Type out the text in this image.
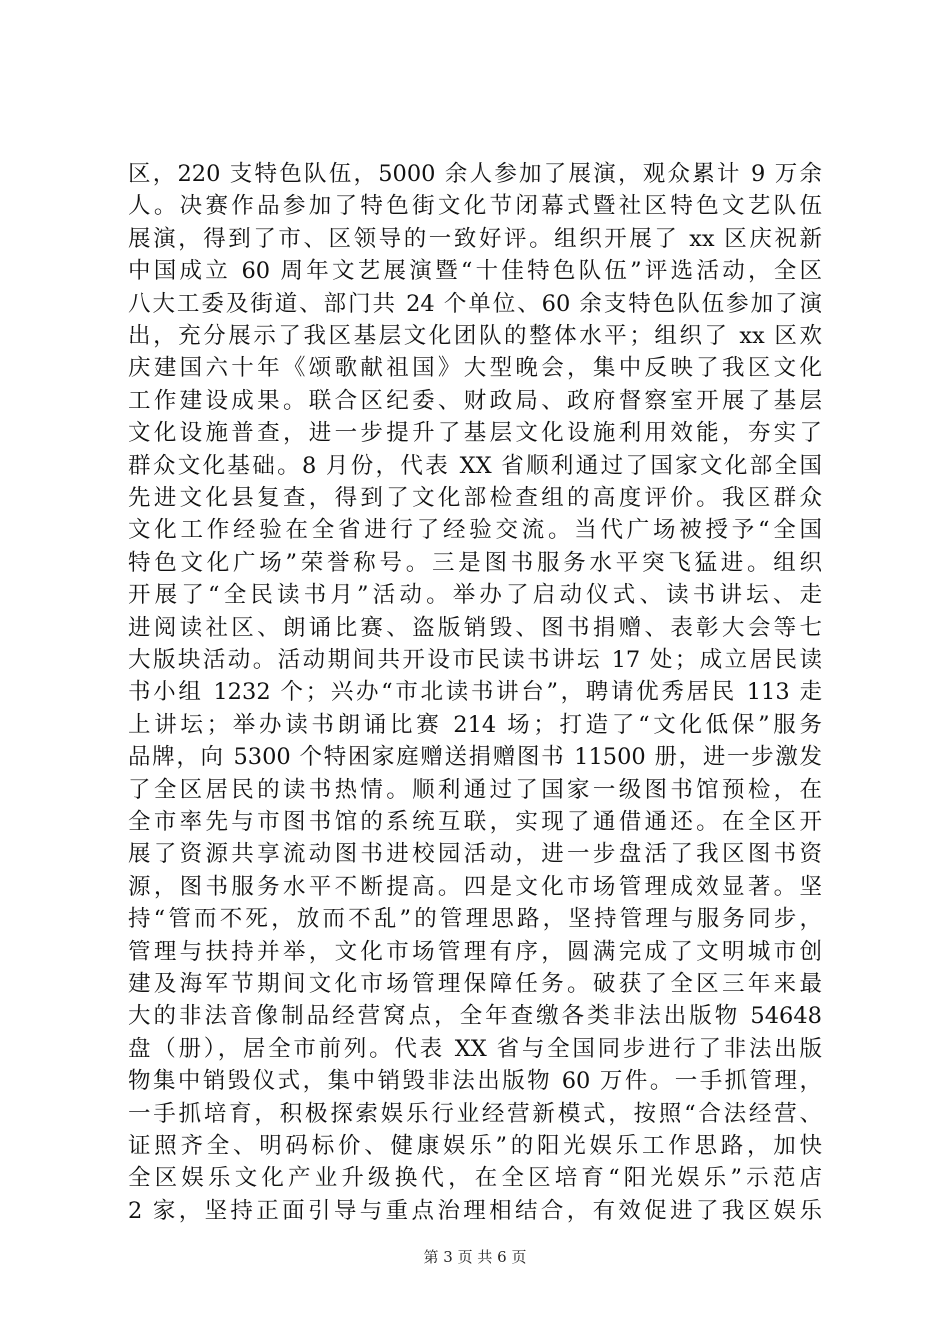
区，220 支特色队伍，5000 余人参加了展演，观众累计 9 万余
人。决赛作品参加了特色街文化节闭幕式暨社区特色文艺队伍
展演，得到了市、区领导的一致好评。组织开展了 xx 区庆祝新
中国成立 60 周年文艺展演暨“十佳特色队伍”评选活动，全区
八大工委及街道、部门共 24 个单位、60 余支特色队伍参加了演
出，充分展示了我区基层文化团队的整体水平；组织了 xx 区欢
庆建国六十年《颂歌献祖国》大型晚会，集中反映了我区文化
工作建设成果。联合区纪委、财政局、政府督察室开展了基层
文化设施普查，进一步提升了基层文化设施利用效能，夯实了
群众文化基础。8 月份，代表 XX 省顺利通过了国家文化部全国
先进文化县复查，得到了文化部检查组的高度评价。我区群众
文化工作经验在全省进行了经验交流。当代广场被授予“全国
特色文化广场”荣誉称号。三是图书服务水平突飞猛进。组织
开展了“全民读书月”活动。举办了启动仪式、读书讲坛、走
进阅读社区、朗诵比赛、盗版销毁、图书捐赠、表彰大会等七
大版块活动。活动期间共开设市民读书讲坛 17 处；成立居民读
书小组 1232 个；兴办“市北读书讲台”，聘请优秀居民 113 走
上讲坛；举办读书朗诵比赛 214 场；打造了“文化低保”服务
品牌，向 5300 个特困家庭赠送捐赠图书 11500 册，进一步激发
了全区居民的读书热情。顺利通过了国家一级图书馆预检，在
全市率先与市图书馆的系统互联，实现了通借通还。在全区开
展了资源共享流动图书进校园活动，进一步盘活了我区图书资
源，图书服务水平不断提高。四是文化市场管理成效显著。坚
持“管而不死，放而不乱”的管理思路，坚持管理与服务同步，
管理与扶持并举，文化市场管理有序，圆满完成了文明城市创
建及海军节期间文化市场管理保障任务。破获了全区三年来最
大的非法音像制品经营窝点，全年查缴各类非法出版物 54648
盘（册），居全市前列。代表 XX 省与全国同步进行了非法出版
物集中销毁仪式，集中销毁非法出版物 60 万件。一手抓管理，
一手抓培育，积极探索娱乐行业经营新模式，按照“合法经营、
证照齐全、明码标价、健康娱乐”的阳光娱乐工作思路，加快
全区娱乐文化产业升级换代，在全区培育“阳光娱乐”示范店
2 家，坚持正面引导与重点治理相结合，有效促进了我区娱乐
第 3 页 共 6 页
